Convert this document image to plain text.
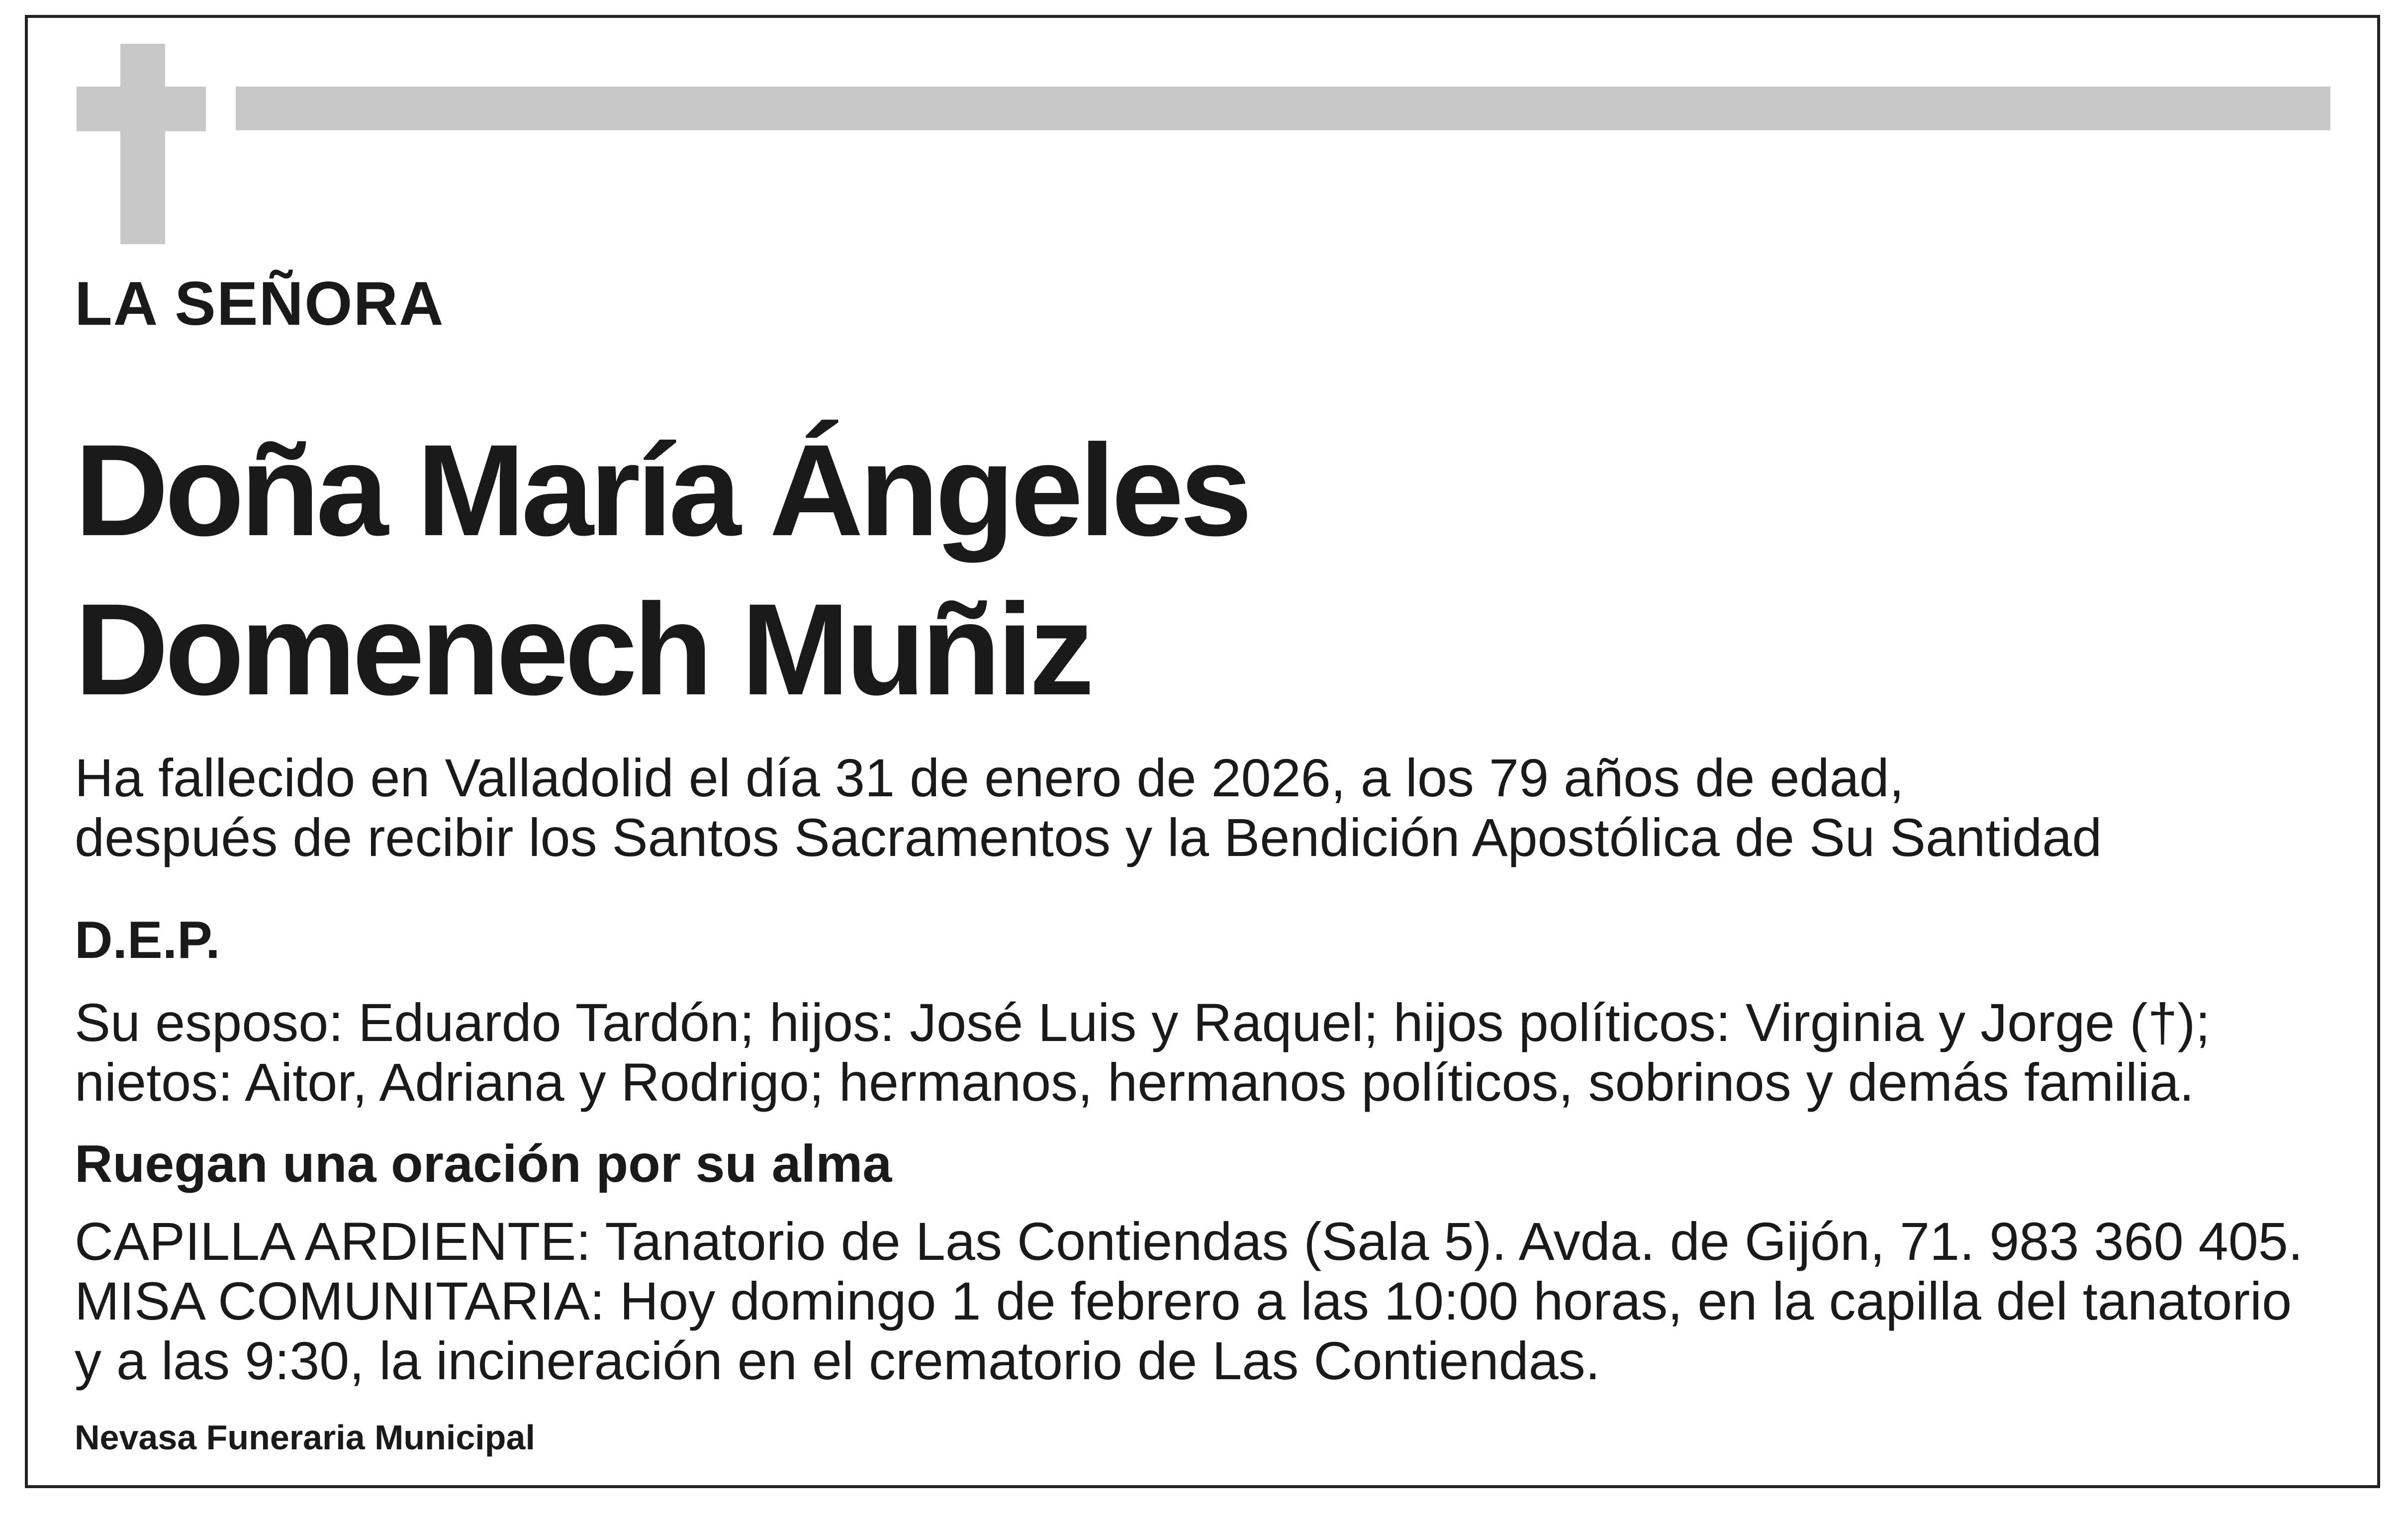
LA SEÑORA

Doña María Ángeles

Domenech Muñiz

Ha fallecido en Valladolid el día 31 de enero de 2026, a los 79 años de edad,

después de recibir los Santos Sacramentos y la Bendición Apostólica de Su Santidad

D.E.P.

Su esposo: Eduardo Tardón; hijos: José Luis y Raquel; hijos políticos: Virginia y Jorge (†);

nietos: Aitor, Adriana y Rodrigo; hermanos, hermanos políticos, sobrinos y demás familia.

Ruegan una oración por su alma

CAPILLA ARDIENTE: Tanatorio de Las Contiendas (Sala 5). Avda. de Gijón, 71. 983 360 405.

MISA COMUNITARIA: Hoy domingo 1 de febrero a las 10:00 horas, en la capilla del tanatorio

y a las 9:30, la incineración en el crematorio de Las Contiendas.

Nevasa Funeraria Municipal
